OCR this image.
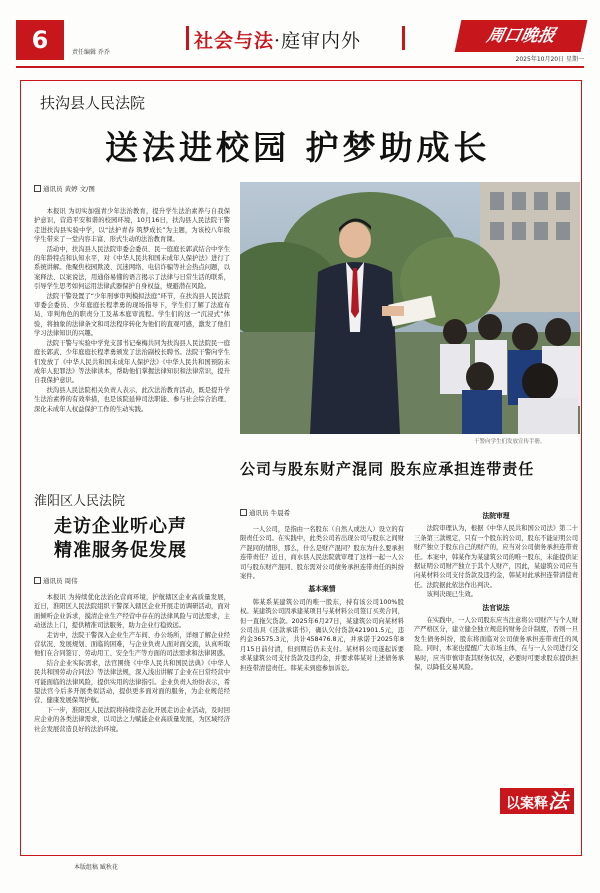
6	责任编辑 乔乔
社会与法·庭审内外	周口晚报
2025年10月20日 星期一
扶沟县人民法院
送法进校园 护梦助成长
通讯员 黄婷 文/图

本报讯 为切实加强青少年法治教育，提升学生法治素养与自我保护意识，营造平安和谐的校园环境，10月16日，扶沟县人民法院干警走进扶沟县实验中学，以“法护青春 筑梦成长”为主题，为该校八年级学生带来了一堂内容丰富、形式生动的法治教育课。

活动中，扶沟县人民法院审委会委员、民一庭庭长郭武结合中学生的年龄特点和认知水平，对《中华人民共和国未成年人保护法》进行了系统讲解。他聚焦校园欺凌、沉迷网络、电信诈骗等社会热点问题，以案释法、以案说法，用通俗易懂的语言揭示了法律与日常生活的联系，引导学生思考如何运用法律武器保护自身权益，规避潜在风险。

法院干警设置了“少年刑事审判模拟法庭”环节，在扶沟县人民法院审委会委员、少年庭庭长程孝勇的现场指导下，学生们了解了法庭布局、审判角色的职责分工及基本庭审流程。学生们的这一“沉浸式”体验，将抽象的法律条文和司法程序转化为他们的直观可感，激发了他们学习法律知识的兴趣。

法院干警与实验中学党支部书记秦梅共同为扶沟县人民法院民一庭庭长郭武、少年庭庭长程孝勇颁发了法治副校长聘书。法院干警向学生们发放了《中华人民共和国未成年人保护法》《中华人民共和国预防未成年人犯罪法》等法律读本，帮助他们掌握法律知识和法律常识，提升自我保护意识。

扶沟县人民法院相关负责人表示，此次法治教育活动，既是提升学生法治素养的有效举措，也是该院延伸司法职能、参与社会综合治理、深化未成年人权益保护工作的生动实践。

干警向学生们发放宣传手册。
公司与股东财产混同 股东应承担连带责任
淮阳区人民法院
走访企业听心声
精准服务促发展
通讯员 周伟

本报讯 为持续优化法治化营商环境，护航辖区企业高质量发展，近日，淮阳区人民法院组织干警深入辖区企业开展走访调研活动，面对面倾听企业诉求，摸清企业生产经营中存在的法律风险与司法需求，主动送法上门，提供精准司法服务，助力企业行稳致远。

走访中，法院干警深入企业生产车间、办公场所，详细了解企业经营状况、发展规划、面临的困难，与企业负责人面对面交流，认真听取他们在合同签订、劳动用工、安全生产等方面的司法需求和法律困惑。

结合企业实际需求，法官围绕《中华人民共和国民法典》《中华人民共和国劳动合同法》等法律法规，深入浅出讲解了企业在日常经营中可能面临的法律风险，提供实用的法律指引。企业负责人纷纷表示，希望法官今后多开展类似活动，提供更多面对面的服务，为企业规范经营、健康发展保驾护航。

下一步，淮阳区人民法院将持续常态化开展走访企业活动，及时回应企业的各类法律需求，以司法之力赋能企业高质量发展，为区域经济社会发展营造良好的法治环境。

本版组稿 臧秋花
通讯员 牛晨希

一人公司，是指由一名股东（自然人或法人）设立的有限责任公司。在实践中，此类公司若出现公司与股东之间财产混同的情形，那么，什么是财产混同？股东为什么要承担连带责任？近日，商水县人民法院就审理了这样一起一人公司与股东财产混同、股东需对公司债务承担连带责任的纠纷案件。

基本案情

韩某系某建筑公司的唯一股东，持有该公司100%股权。某建筑公司因承建某项目与某材料公司签订买卖合同，但一直拖欠货款。2025年6月27日，某建筑公司向某材料公司出具《还款承诺书》，确认欠付货款421901.5元，违约金36575.3元，共计458476.8元，并承诺于2025年8月15日前付清，但到期后仍未支付。某材料公司遂起诉要求某建筑公司支付货款及违约金，并要求韩某对上述债务承担连带清偿责任。韩某未到庭参加诉讼。

法院审理

法院审理认为，根据《中华人民共和国公司法》第二十三条第三款规定，只有一个股东的公司，股东不能证明公司财产独立于股东自己的财产的，应当对公司债务承担连带责任。本案中，韩某作为某建筑公司的唯一股东，未能提供证据证明公司财产独立于其个人财产，因此，某建筑公司应当向某材料公司支付货款及违约金，韩某对此承担连带清偿责任。法院据此依法作出判决。

该判决现已生效。

法官说法

在实践中，一人公司股东应当注意将公司财产与个人财产严格区分，建立健全独立规范的财务会计制度，否则一旦发生债务纠纷，股东将面临对公司债务承担连带责任的风险。同时，本案也提醒广大市场主体，在与一人公司进行交易时，应当审慎审查其财务状况，必要时可要求股东提供担保，以降低交易风险。

以案释法
